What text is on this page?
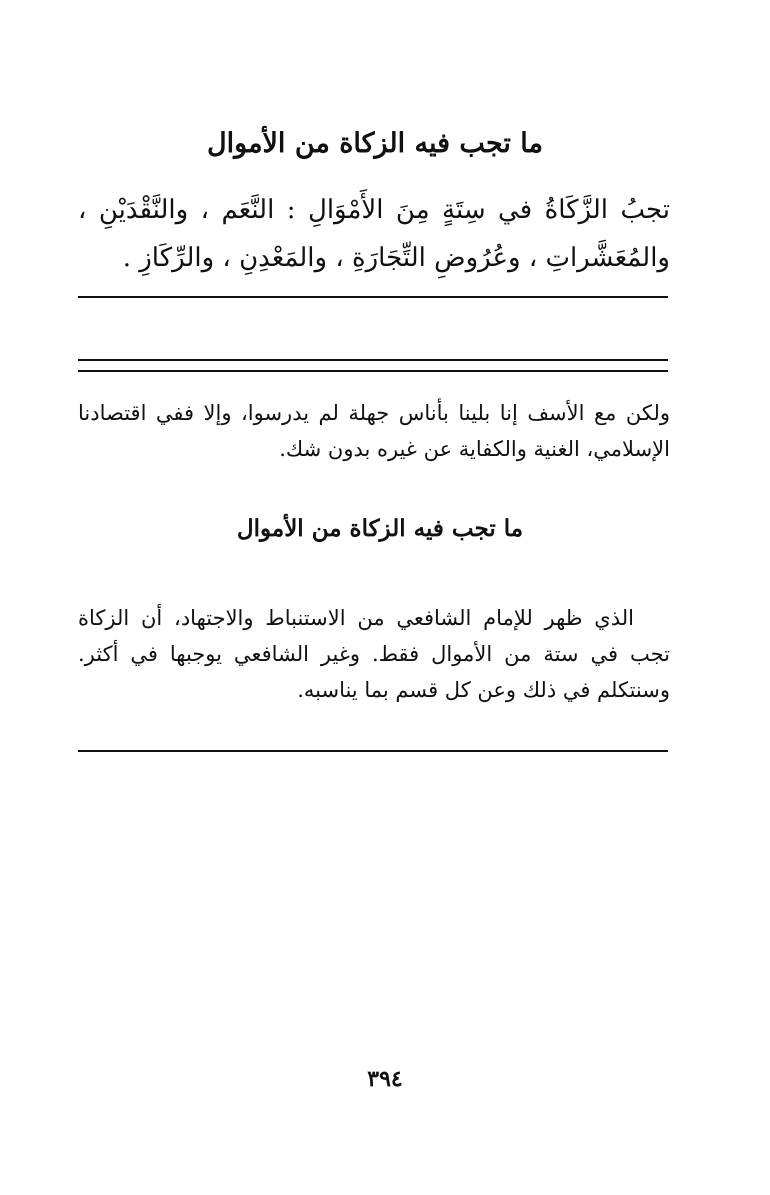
ما تجب فيه الزكاة من الأموال
تجبُ الزَّكَاةُ في سِتَةٍ مِنَ الأَمْوَالِ : النَّعَم ، والنَّقْدَيْنِ ، والمُعَشَّراتِ ، وعُرُوضِ التِّجَارَةِ ، والمَعْدِنِ ، والرِّكَازِ .
ولكن مع الأسف إنا بلينا بأناس جهلة لم يدرسوا، وإلا ففي اقتصادنا الإسلامي، الغنية والكفاية عن غيره بدون شك.
ما تجب فيه الزكاة من الأموال
الذي ظهر للإمام الشافعي من الاستنباط والاجتهاد، أن الزكاة تجب في ستة من الأموال فقط. وغير الشافعي يوجبها في أكثر. وسنتكلم في ذلك وعن كل قسم بما يناسبه.
٣٩٤
